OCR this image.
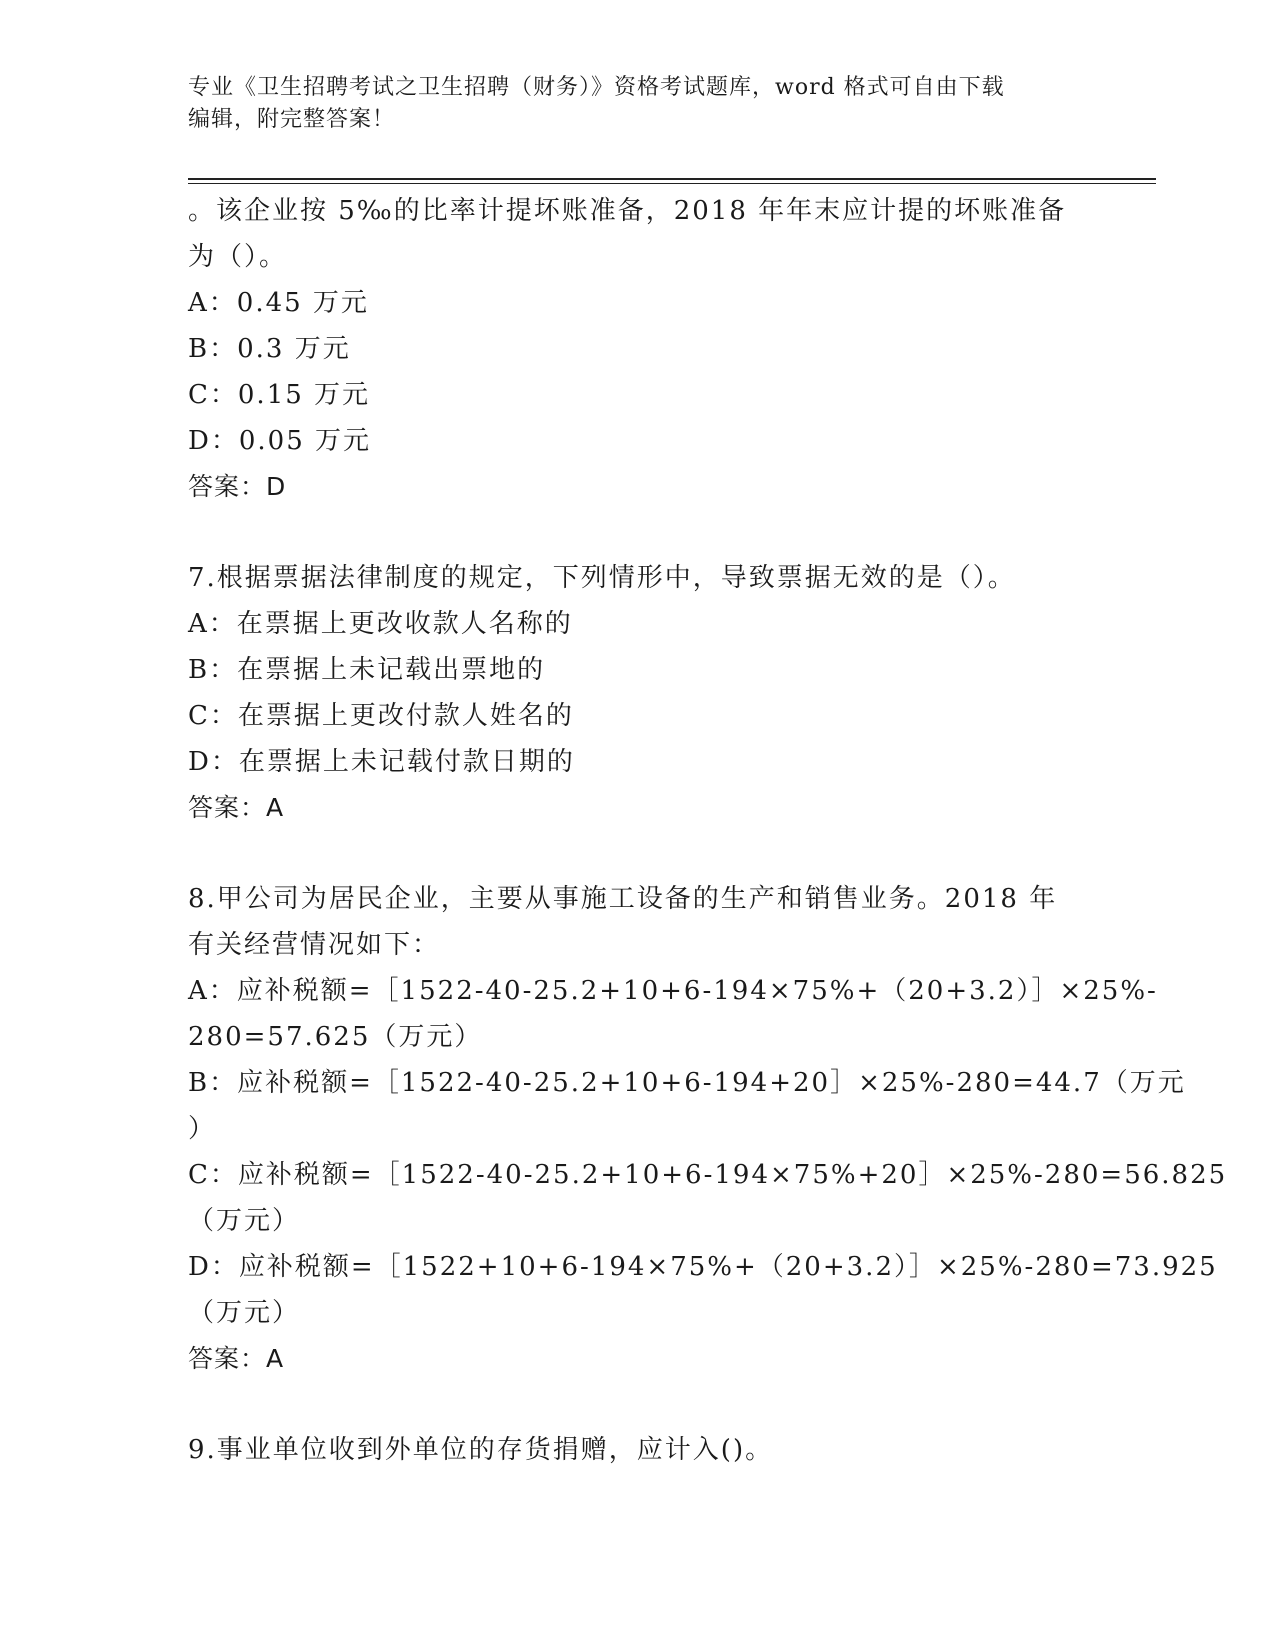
专业《卫生招聘考试之卫生招聘（财务）》资格考试题库，word 格式可自由下载
编辑，附完整答案！
。该企业按 5‰的比率计提坏账准备，2018 年年末应计提的坏账准备
为（）。
A：0.45 万元
B：0.3 万元
C：0.15 万元
D：0.05 万元
答案：D
7.根据票据法律制度的规定，下列情形中，导致票据无效的是（）。
A：在票据上更改收款人名称的
B：在票据上未记载出票地的
C：在票据上更改付款人姓名的
D：在票据上未记载付款日期的
答案：A
8.甲公司为居民企业，主要从事施工设备的生产和销售业务。2018 年
有关经营情况如下：
A：应补税额=［1522-40-25.2+10+6-194×75%+（20+3.2）］×25%-
280=57.625（万元）
B：应补税额=［1522-40-25.2+10+6-194+20］×25%-280=44.7（万元
）
C：应补税额=［1522-40-25.2+10+6-194×75%+20］×25%-280=56.825
（万元）
D：应补税额=［1522+10+6-194×75%+（20+3.2）］×25%-280=73.925
（万元）
答案：A
9.事业单位收到外单位的存货捐赠，应计入()。
